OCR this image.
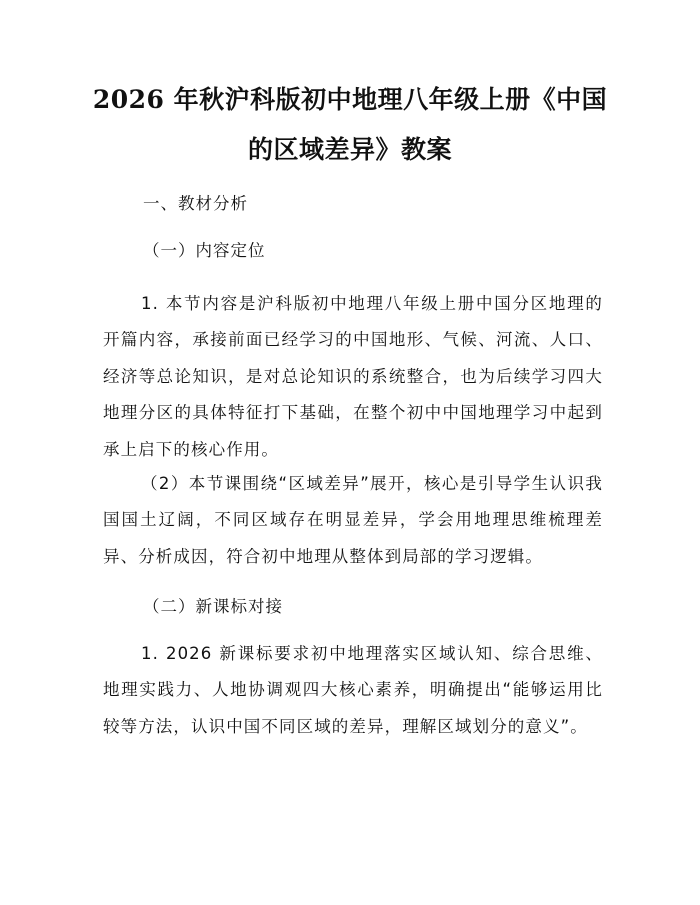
2026 年秋沪科版初中地理八年级上册《中国
的区域差异》教案
一、教材分析
（一）内容定位

1. 本节内容是沪科版初中地理八年级上册中国分区地理的开篇内容，承接前面已经学习的中国地形、气候、河流、人口、经济等总论知识，是对总论知识的系统整合，也为后续学习四大地理分区的具体特征打下基础，在整个初中中国地理学习中起到承上启下的核心作用。

（2）本节课围绕“区域差异”展开，核心是引导学生认识我国国土辽阔，不同区域存在明显差异，学会用地理思维梳理差异、分析成因，符合初中地理从整体到局部的学习逻辑。

（二）新课标对接

1. 2026 新课标要求初中地理落实区域认知、综合思维、地理实践力、人地协调观四大核心素养，明确提出“能够运用比较等方法，认识中国不同区域的差异，理解区域划分的意义”。
